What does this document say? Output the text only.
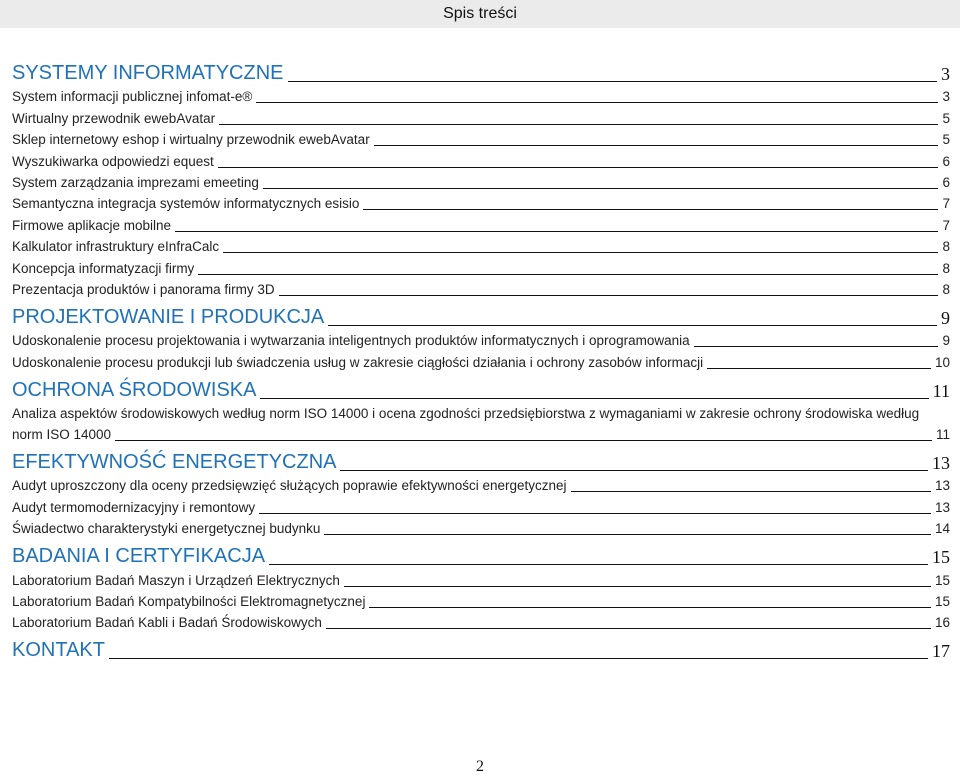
Spis treści
SYSTEMY INFORMATYCZNE	3
System informacji publicznej infomat-e®	3
Wirtualny przewodnik ewebAvatar	5
Sklep internetowy eshop i wirtualny przewodnik ewebAvatar	5
Wyszukiwarka odpowiedzi equest	6
System zarządzania imprezami emeeting	6
Semantyczna integracja systemów informatycznych esisio	7
Firmowe aplikacje mobilne	7
Kalkulator infrastruktury eInfraCalc	8
Koncepcja informatyzacji firmy	8
Prezentacja produktów i panorama firmy 3D	8
PROJEKTOWANIE I PRODUKCJA	9
Udoskonalenie procesu projektowania i wytwarzania inteligentnych produktów informatycznych i oprogramowania	9
Udoskonalenie procesu produkcji lub świadczenia usług w zakresie ciągłości działania i ochrony zasobów informacji	10
OCHRONA ŚRODOWISKA	11
Analiza aspektów środowiskowych według norm ISO 14000 i ocena zgodności przedsiębiorstwa z wymaganiami w zakresie ochrony środowiska według
norm ISO 14000	11
EFEKTYWNOŚĆ ENERGETYCZNA	13
Audyt uproszczony dla oceny przedsięwzięć służących poprawie efektywności energetycznej	13
Audyt termomodernizacyjny i remontowy	13
Świadectwo charakterystyki energetycznej budynku	14
BADANIA I CERTYFIKACJA	15
Laboratorium Badań Maszyn i Urządzeń Elektrycznych	15
Laboratorium Badań Kompatybilności Elektromagnetycznej	15
Laboratorium Badań Kabli i Badań Środowiskowych	16
KONTAKT	17
2
